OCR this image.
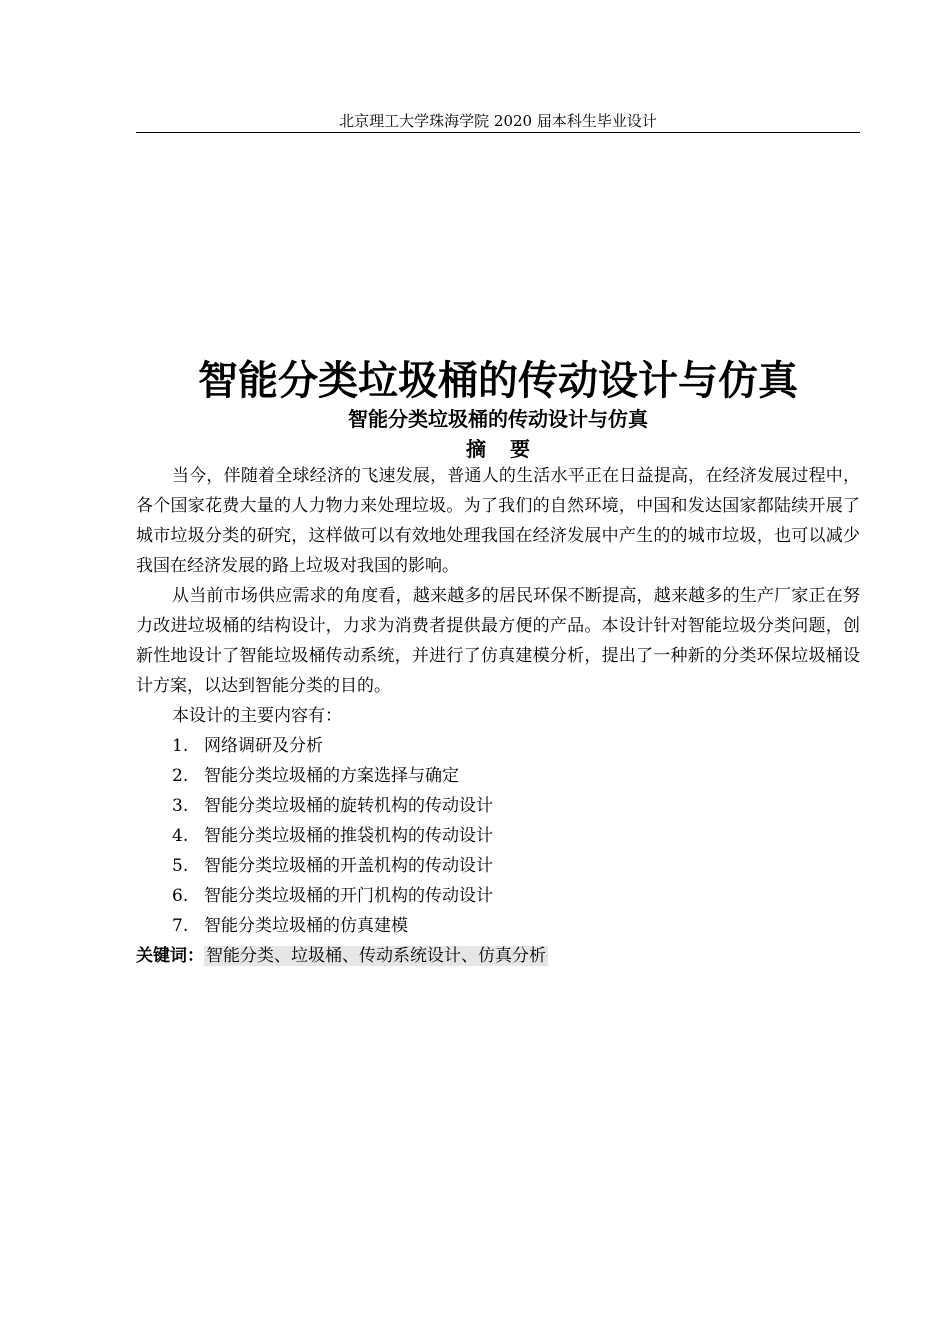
北京理工大学珠海学院 2020 届本科生毕业设计
智能分类垃圾桶的传动设计与仿真
智能分类垃圾桶的传动设计与仿真
摘要

当今，伴随着全球经济的飞速发展，普通人的生活水平正在日益提高，在经济发展过程中，各个国家花费大量的人力物力来处理垃圾。为了我们的自然环境，中国和发达国家都陆续开展了城市垃圾分类的研究，这样做可以有效地处理我国在经济发展中产生的的城市垃圾，也可以减少我国在经济发展的路上垃圾对我国的影响。

从当前市场供应需求的角度看，越来越多的居民环保不断提高，越来越多的生产厂家正在努力改进垃圾桶的结构设计，力求为消费者提供最方便的产品。本设计针对智能垃圾分类问题，创新性地设计了智能垃圾桶传动系统，并进行了仿真建模分析，提出了一种新的分类环保垃圾桶设计方案，以达到智能分类的目的。

本设计的主要内容有：

1. 网络调研及分析
2. 智能分类垃圾桶的方案选择与确定
3. 智能分类垃圾桶的旋转机构的传动设计
4. 智能分类垃圾桶的推袋机构的传动设计
5. 智能分类垃圾桶的开盖机构的传动设计
6. 智能分类垃圾桶的开门机构的传动设计
7. 智能分类垃圾桶的仿真建模

关键词： 智能分类、垃圾桶、传动系统设计、仿真分析
